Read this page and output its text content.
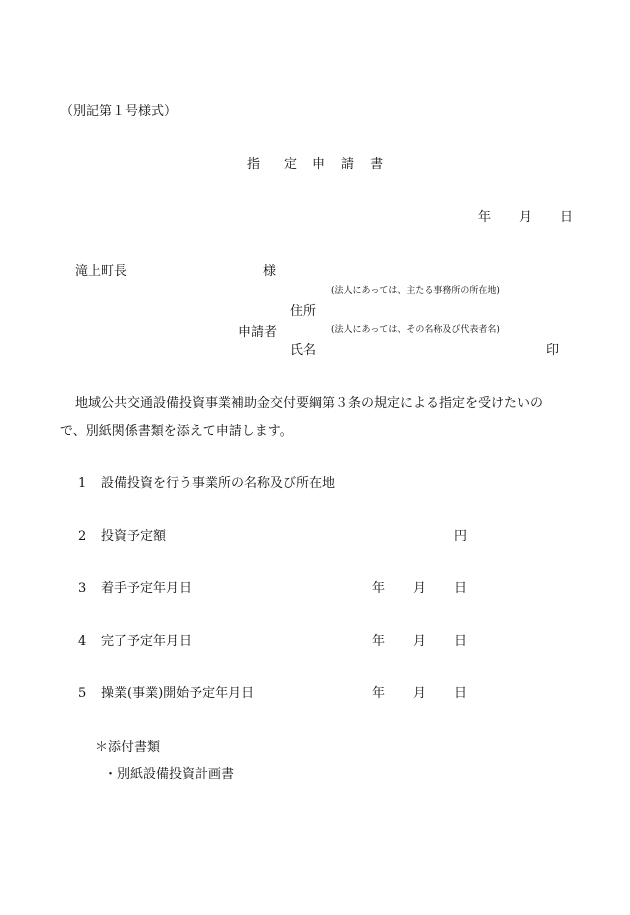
（別記第１号様式）
指 定 申 請 書
年 月 日
滝上町長	様
(法人にあっては、主たる事務所の所在地)
住所
申請者	(法人にあっては、その名称及び代表者名)
氏名	印
地域公共交通設備投資事業補助金交付要綱第３条の規定による指定を受けたいの
で、別紙関係書類を添えて申請します。
1 設備投資を行う事業所の名称及び所在地
2 投資予定額	円
3 着手予定年月日	年 月 日
4 完了予定年月日	年 月 日
5 操業(事業)開始予定年月日	年 月 日
＊添付書類
・別紙設備投資計画書
